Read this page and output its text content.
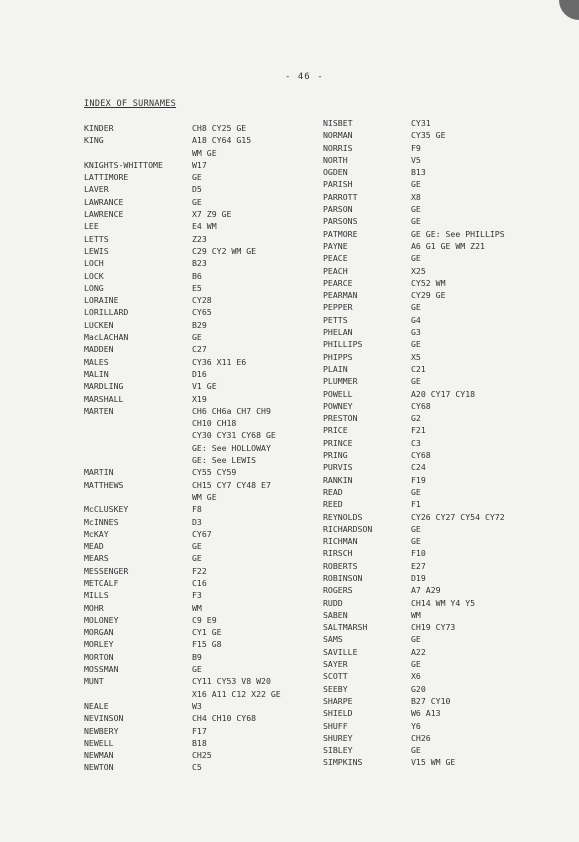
- 46 -
INDEX OF SURNAMES
KINDER	CH8 CY25 GE
KING	A18 CY64 G15
WM GE
KNIGHTS-WHITTOME	W17
LATTIMORE	GE
LAVER	D5
LAWRANCE	GE
LAWRENCE	X7 Z9 GE
LEE	E4 WM
LETTS	Z23
LEWIS	C29 CY2 WM GE
LOCH	B23
LOCK	B6
LONG	E5
LORAINE	CY28
LORILLARD	CY65
LUCKEN	B29
MacLACHAN	GE
MADDEN	C27
MALES	CY36 X11 E6
MALIN	D16
MARDLING	V1 GE
MARSHALL	X19
MARTEN	CH6 CH6a CH7 CH9
CH10 CH18
CY30 CY31 CY68 GE
GE: See HOLLOWAY
GE: See LEWIS
MARTIN	CY55 CY59
MATTHEWS	CH15 CY7 CY48 E7
WM GE
McCLUSKEY	F8
McINNES	D3
McKAY	CY67
MEAD	GE
MEARS	GE
MESSENGER	F22
METCALF	C16
MILLS	F3
MOHR	WM
MOLONEY	C9 E9
MORGAN	CY1 GE
MORLEY	F15 G8
MORTON	B9
MOSSMAN	GE
MUNT	CY11 CY53 V8 W20
X16 A11 C12 X22 GE
NEALE	W3
NEVINSON	CH4 CH10 CY68
NEWBERY	F17
NEWELL	B18
NEWMAN	CH25
NEWTON	C5
NISBET	CY31
NORMAN	CY35 GE
NORRIS	F9
NORTH	V5
OGDEN	B13
PARISH	GE
PARROTT	X8
PARSON	GE
PARSONS	GE
PATMORE	GE GE: See PHILLIPS
PAYNE	A6 G1 GE WM Z21
PEACE	GE
PEACH	X25
PEARCE	CY52 WM
PEARMAN	CY29 GE
PEPPER	GE
PETTS	G4
PHELAN	G3
PHILLIPS	GE
PHIPPS	X5
PLAIN	C21
PLUMMER	GE
POWELL	A20 CY17 CY18
POWNEY	CY68
PRESTON	G2
PRICE	F21
PRINCE	C3
PRING	CY68
PURVIS	C24
RANKIN	F19
READ	GE
REED	F1
REYNOLDS	CY26 CY27 CY54 CY72
RICHARDSON	GE
RICHMAN	GE
RIRSCH	F10
ROBERTS	E27
ROBINSON	D19
ROGERS	A7 A29
RUDD	CH14 WM Y4 Y5
SABEN	WM
SALTMARSH	CH19 CY73
SAMS	GE
SAVILLE	A22
SAYER	GE
SCOTT	X6
SEEBY	G20
SHARPE	B27 CY10
SHIELD	W6 A13
SHUFF	Y6
SHUREY	CH26
SIBLEY	GE
SIMPKINS	V15 WM GE
